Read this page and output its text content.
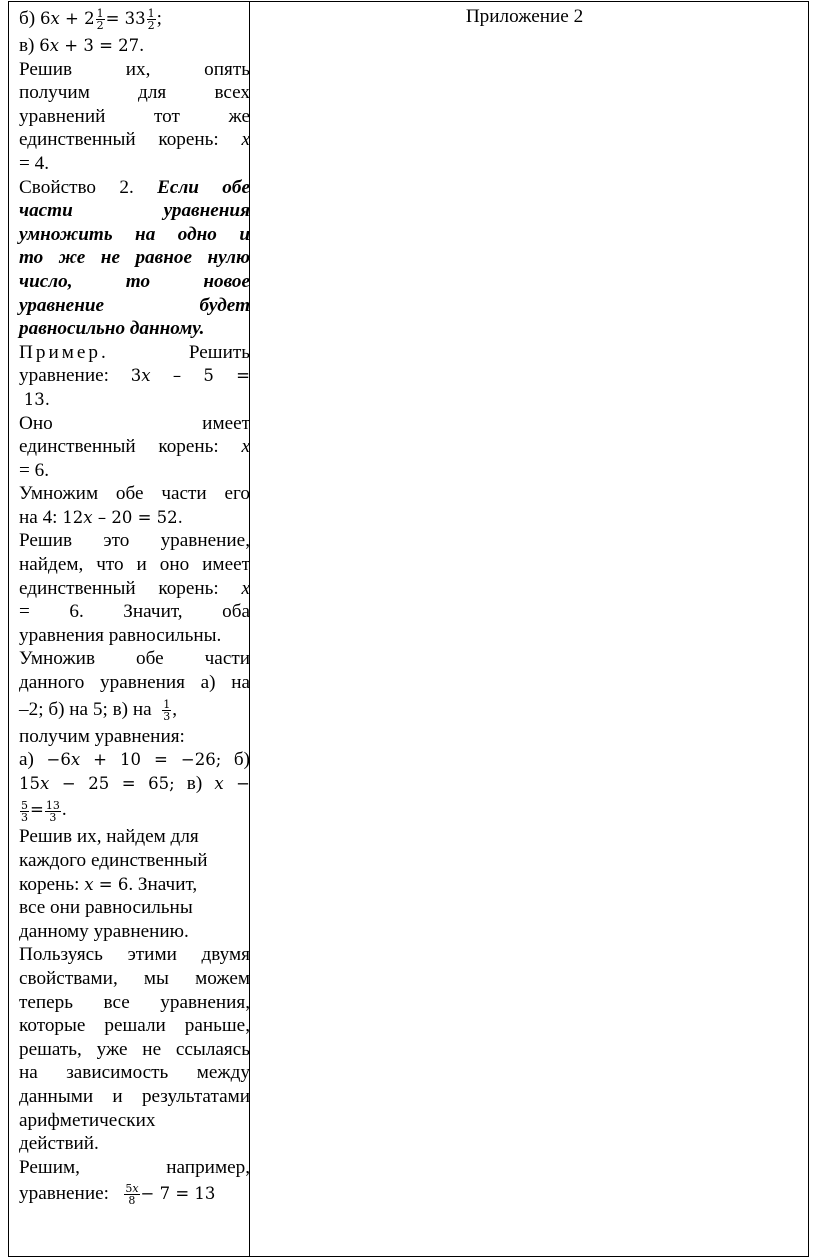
Приложение 2
б) 6𝑥 + $2 \frac{1}{2} = 33 \frac{1}{2}$ ;
в) 6𝑥 + 3 = 27.
Решив их, опять
получим для всех
уравнений тот же
единственный корень: x
= 4.
Свойство 2. Если обе
части уравнения
умножить на одно и
то же не равное нулю
число, то новое
уравнение будет
равносильно данному.
Пример.	Решить
уравнение: 3𝑥 – 5 =
13.
Оно имеет
единственный корень: x
= 6.
Умножим обе части его
на 4: 12𝑥 – 20 = 52.
Решив это уравнение,
найдем, что и оно имеет
единственный корень: x
= 6. Значит, оба
уравнения равносильны.
Умножив обе части
данного уравнения а) на
–2; б) на 5; в) на $\frac{1}{3}$ ,
получим уравнения:
а) −6𝑥 + 10 = −26; б)
15𝑥 − 25 = 65; в) 𝑥 −
$\frac{5}{3} = \frac{13}{3}$ .
Решив их, найдем для
каждого единственный
корень: 𝑥 = 6. Значит,
все они равносильны
данному уравнению.
Пользуясь этими двумя
свойствами, мы можем
теперь все уравнения,
которые решали раньше,
решать, уже не ссылаясь
на зависимость между
данными и результатами
арифметических
действий.
Решим, например,
уравнение: $\frac{\text{5𝑥}}{8} - 7 = 13$
